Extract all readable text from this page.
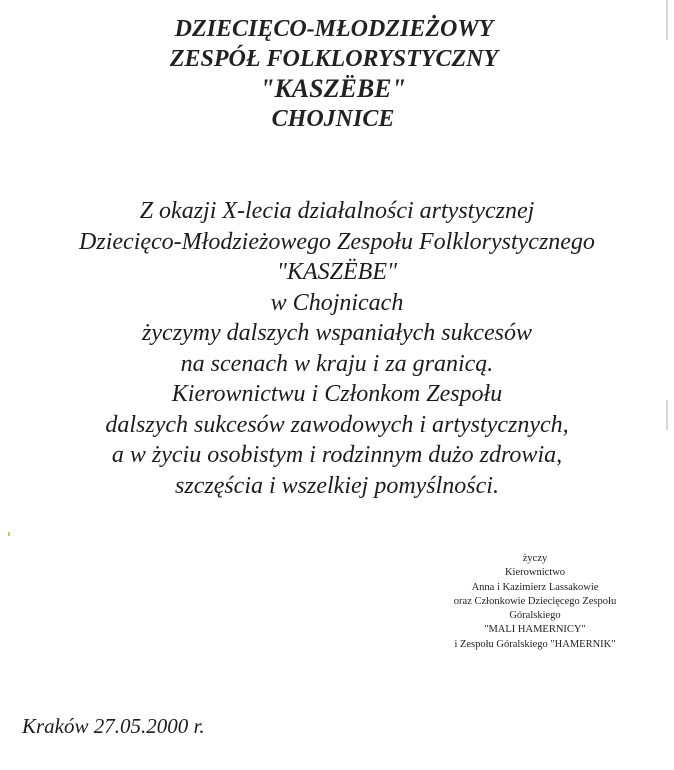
DZIECIĘCO-MŁODZIEŻOWY
ZESPÓŁ FOLKLORYSTYCZNY
"KASZËBE"
CHOJNICE
Z okazji X-lecia działalności artystycznej
Dziecięco-Młodzieżowego Zespołu Folklorystycznego
"KASZËBE"
w Chojnicach
życzymy dalszych wspaniałych sukcesów
na scenach w kraju i za granicą.
Kierownictwu i Członkom Zespołu
dalszych sukcesów zawodowych i artystycznych,
a w życiu osobistym i rodzinnym dużo zdrowia,
szczęścia i wszelkiej pomyślności.
życzy
Kierownictwo
Anna i Kazimierz Lassakowie
oraz Członkowie Dziecięcego Zespołu
Góralskiego
"MALI HAMERNICY"
i Zespołu Góralskiego "HAMERNIK"
Kraków 27.05.2000 r.
